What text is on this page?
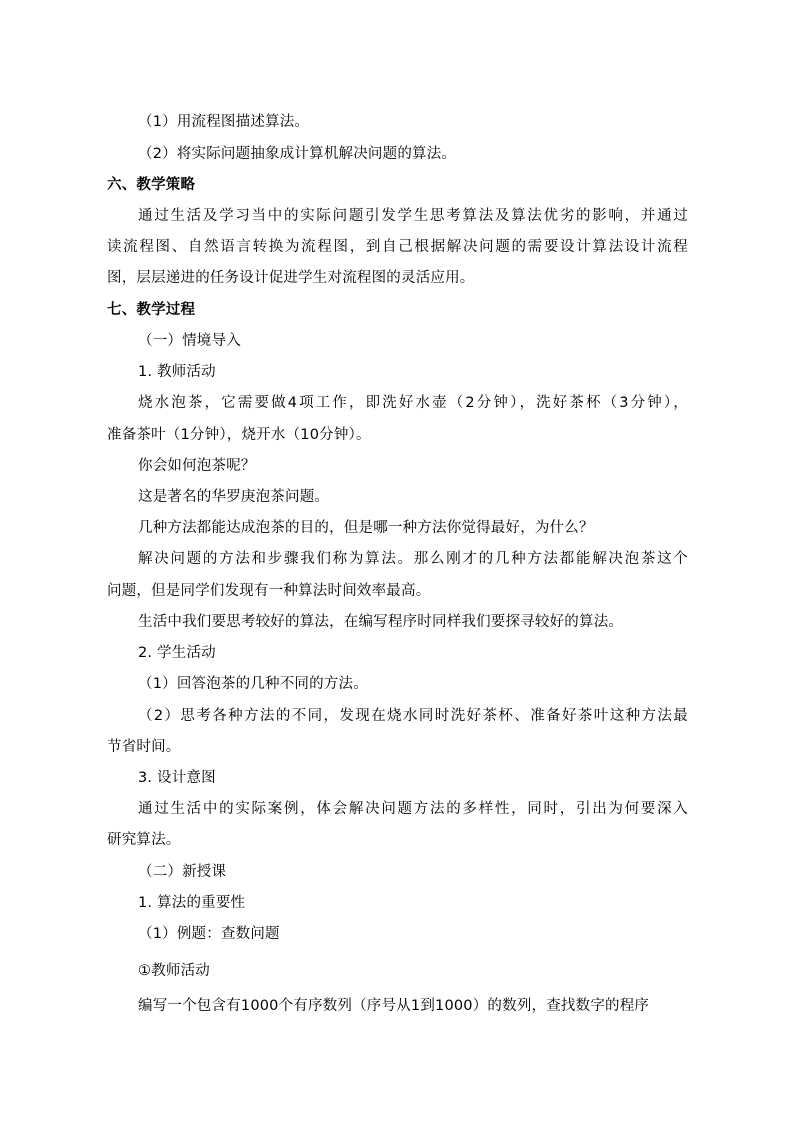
（1）用流程图描述算法。
（2）将实际问题抽象成计算机解决问题的算法。
六、教学策略
通过生活及学习当中的实际问题引发学生思考算法及算法优劣的影响，并通过
读流程图、自然语言转换为流程图，到自己根据解决问题的需要设计算法设计流程
图，层层递进的任务设计促进学生对流程图的灵活应用。
七、教学过程
（一）情境导入
1. 教师活动
烧水泡茶，它需要做4项工作，即洗好水壶（2分钟），洗好茶杯（3分钟），
准备茶叶（1分钟），烧开水（10分钟）。
你会如何泡茶呢？
这是著名的华罗庚泡茶问题。
几种方法都能达成泡茶的目的，但是哪一种方法你觉得最好，为什么？
解决问题的方法和步骤我们称为算法。那么刚才的几种方法都能解决泡茶这个
问题，但是同学们发现有一种算法时间效率最高。
生活中我们要思考较好的算法，在编写程序时同样我们要探寻较好的算法。
2. 学生活动
（1）回答泡茶的几种不同的方法。
（2）思考各种方法的不同，发现在烧水同时洗好茶杯、准备好茶叶这种方法最
节省时间。
3. 设计意图
通过生活中的实际案例，体会解决问题方法的多样性，同时，引出为何要深入
研究算法。
（二）新授课
1. 算法的重要性
（1）例题：查数问题
①教师活动
编写一个包含有1000个有序数列（序号从1到1000）的数列，查找数字的程序
